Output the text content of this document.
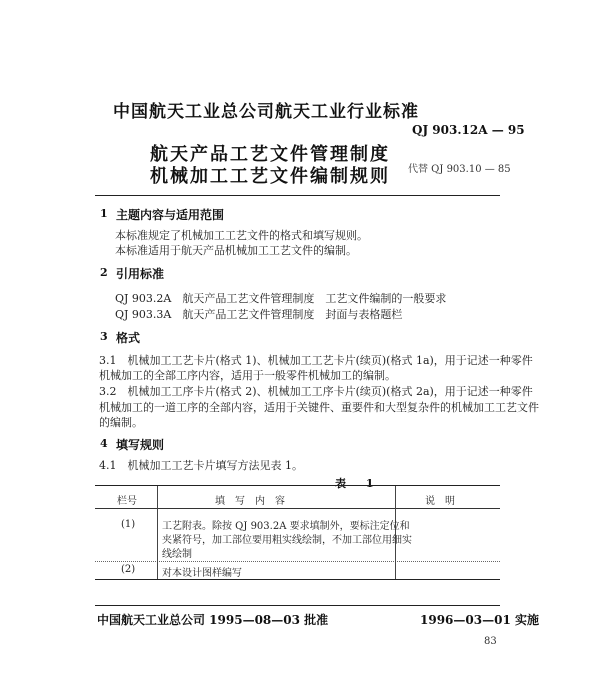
中国航天工业总公司航天工业行业标准
QJ 903.12A — 95
航天产品工艺文件管理制度
机械加工工艺文件编制规则 代替 QJ 903.10 — 85
1 主题内容与适用范围
本标准规定了机械加工工艺文件的格式和填写规则。
本标准适用于航天产品机械加工工艺文件的编制。
2 引用标准
QJ 903.2A　航天产品工艺文件管理制度　工艺文件编制的一般要求
QJ 903.3A　航天产品工艺文件管理制度　封面与表格题栏
3 格式
3.1　机械加工工艺卡片(格式 1)、机械加工工艺卡片(续页)(格式 1a)，用于记述一种零件
机械加工的全部工序内容，适用于一般零件机械加工的编制。
3.2　机械加工工序卡片(格式 2)、机械加工工序卡片(续页)(格式 2a)，用于记述一种零件
机械加工的一道工序的全部内容，适用于关键件、重要件和大型复杂件的机械加工工艺文件
的编制。
4 填写规则
4.1　机械加工工艺卡片填写方法见表 1。
表 1
栏号	填　写　内　容	说　明
(1)	工艺附表。除按 QJ 903.2A 要求填制外，要标注定位和
夹紧符号，加工部位要用粗实线绘制，不加工部位用细实
线绘制
(2)	对本设计图样编写
中国航天工业总公司 1995—08—03 批准	1996—03—01 实施
83
